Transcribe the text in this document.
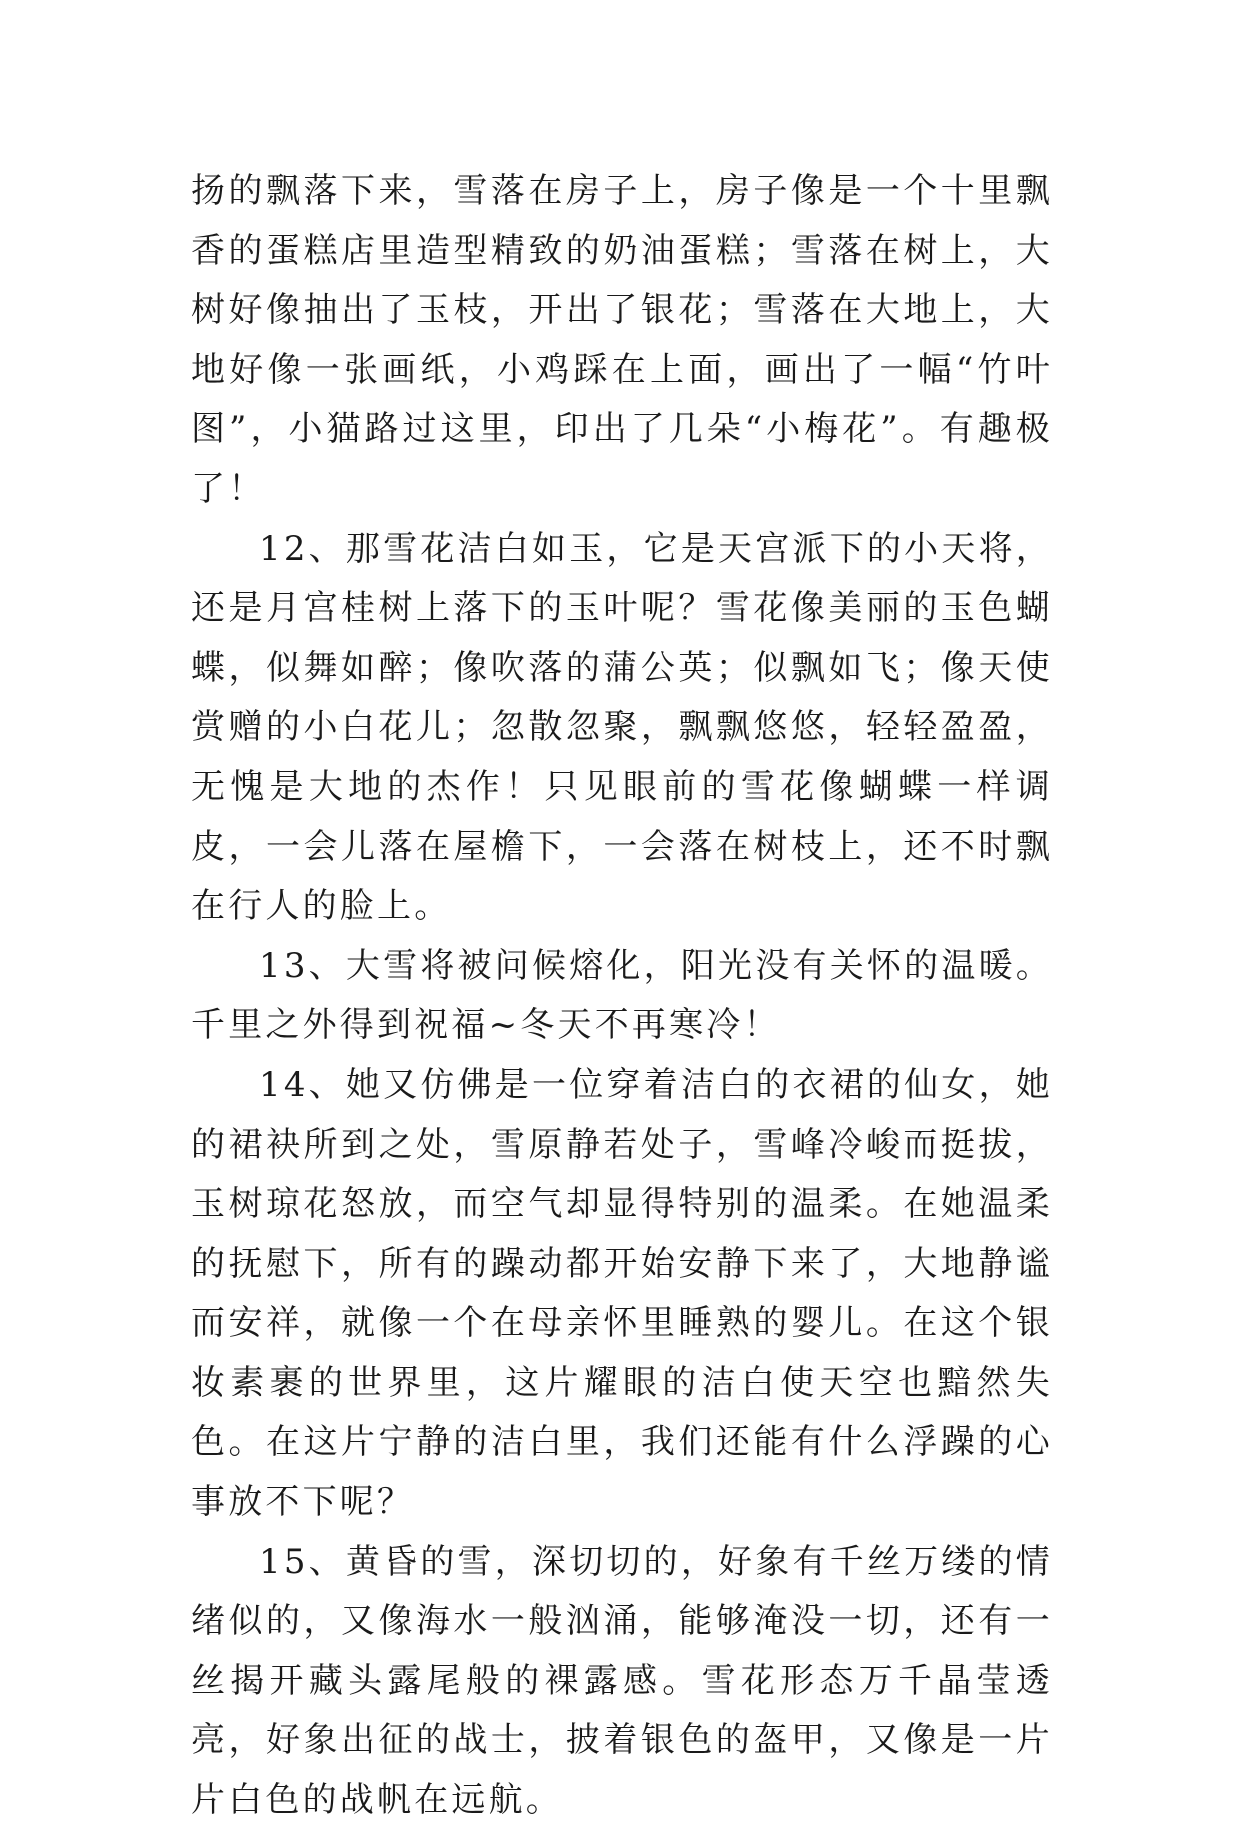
扬的飘落下来，雪落在房子上，房子像是一个十里飘香的蛋糕店里造型精致的奶油蛋糕；雪落在树上，大树好像抽出了玉枝，开出了银花；雪落在大地上，大地好像一张画纸，小鸡踩在上面，画出了一幅“竹叶图”，小猫路过这里，印出了几朵“小梅花”。有趣极了！

12、那雪花洁白如玉，它是天宫派下的小天将，还是月宫桂树上落下的玉叶呢？雪花像美丽的玉色蝴蝶，似舞如醉；像吹落的蒲公英；似飘如飞；像天使赏赠的小白花儿；忽散忽聚，飘飘悠悠，轻轻盈盈，无愧是大地的杰作！只见眼前的雪花像蝴蝶一样调皮，一会儿落在屋檐下，一会落在树枝上，还不时飘在行人的脸上。

13、大雪将被问候熔化，阳光没有关怀的温暖。千里之外得到祝福~冬天不再寒冷！

14、她又仿佛是一位穿着洁白的衣裙的仙女，她的裙袂所到之处，雪原静若处子，雪峰冷峻而挺拔，玉树琼花怒放，而空气却显得特别的温柔。在她温柔的抚慰下，所有的躁动都开始安静下来了，大地静谧而安祥，就像一个在母亲怀里睡熟的婴儿。在这个银妆素裹的世界里，这片耀眼的洁白使天空也黯然失色。在这片宁静的洁白里，我们还能有什么浮躁的心事放不下呢？

15、黄昏的雪，深切切的，好象有千丝万缕的情绪似的，又像海水一般汹涌，能够淹没一切，还有一丝揭开藏头露尾般的裸露感。雪花形态万千晶莹透亮，好象出征的战士，披着银色的盔甲，又像是一片片白色的战帆在远航。
